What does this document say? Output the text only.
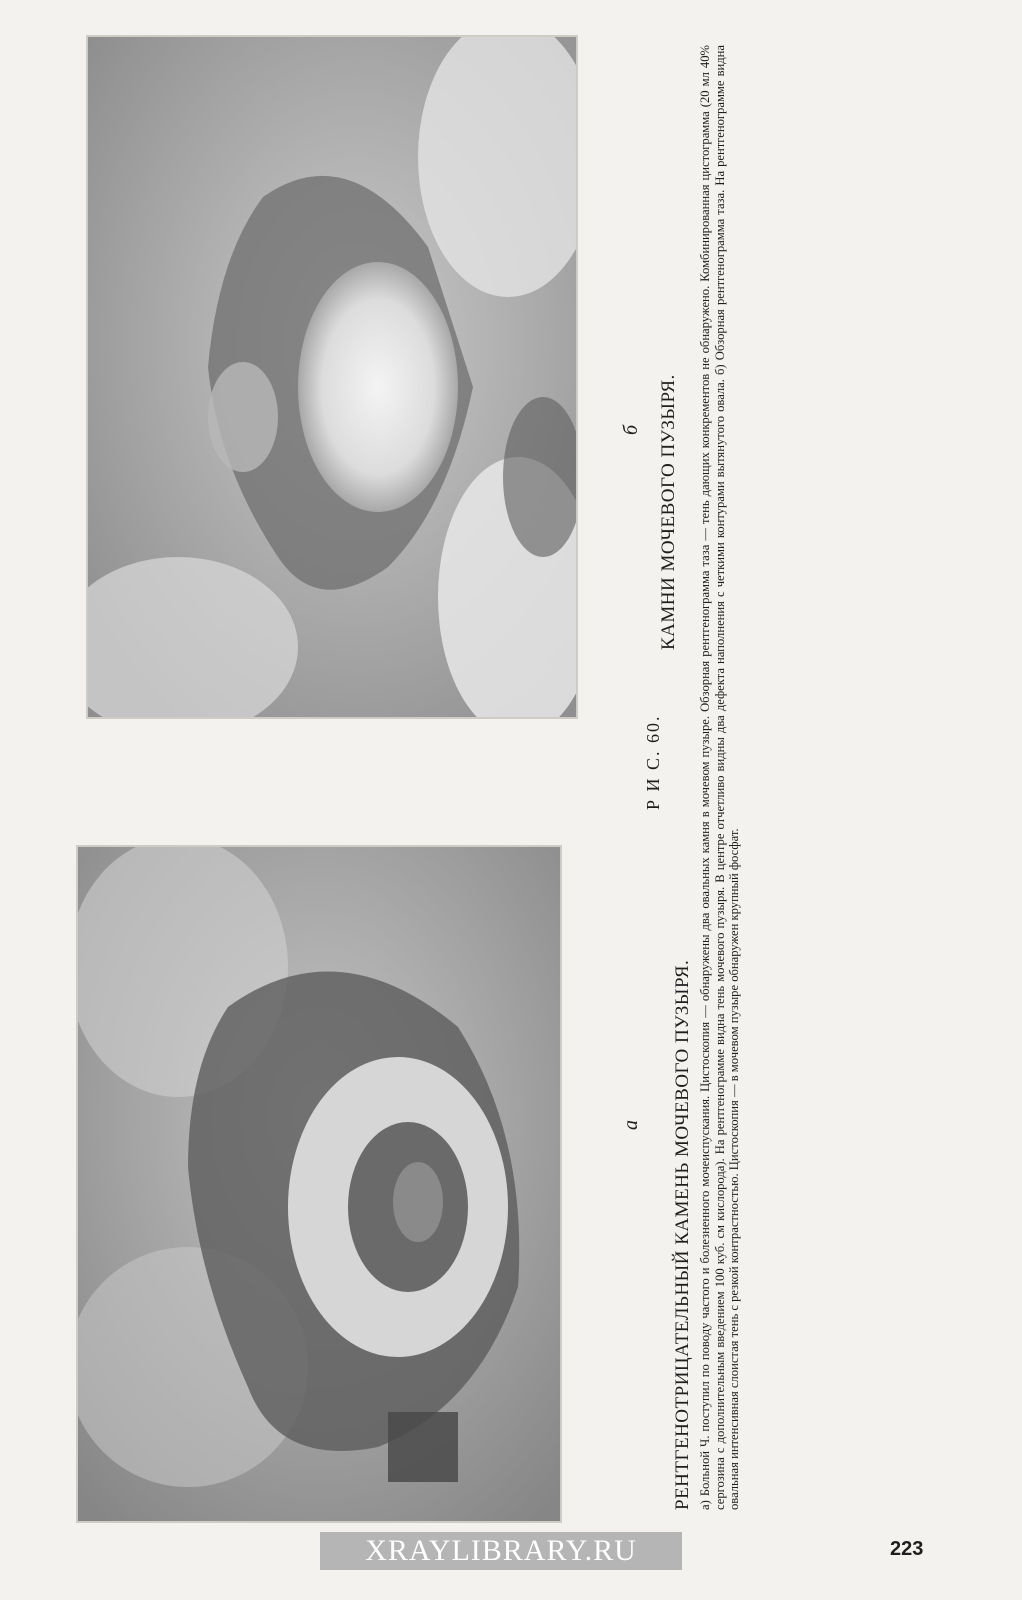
а
б
Р И С. 60.
КАМНИ МОЧЕВОГО ПУЗЫРЯ.
РЕНТГЕНОТРИЦАТЕЛЬНЫЙ КАМЕНЬ МОЧЕВОГО ПУЗЫРЯ. а) Больной Ч. поступил по поводу частого и болезненного мочеиспускания. Цистоскопия — обнаружены два овальных камня в мочевом пузыре. Обзорная рентгенограмма таза — тень дающих конкрементов не обнаружено. Комбинированная цистограмма (20 мл 40% сергозина с дополнительным введением 100 куб. см кислорода). На рентгенограмме видна тень мочевого пузыря. В центре отчетливо видны два дефекта наполнения с четкими контурами вытянутого овала. б) Обзорная рентгенограмма таза. На рентгенограмме видна овальная интенсивная слоистая тень с резкой контрастностью. Цистоскопия — в мочевом пузыре обнаружен крупный фосфат.
XRAYLIBRARY.RU	223
